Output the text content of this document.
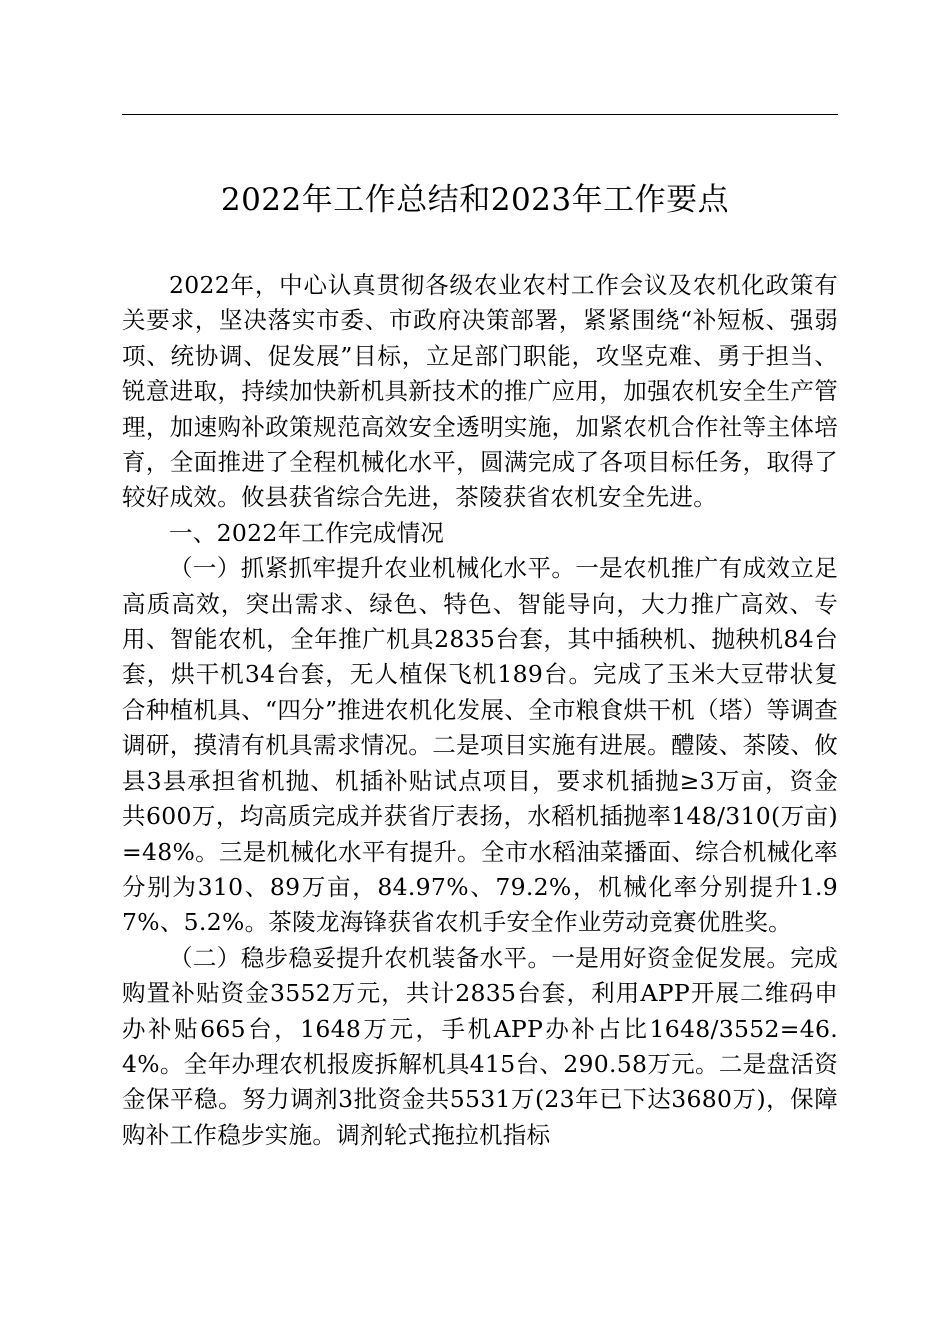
2022年工作总结和2023年工作要点

2022年，中心认真贯彻各级农业农村工作会议及农机化政策有关要求，坚决落实市委、市政府决策部署，紧紧围绕“补短板、强弱项、统协调、促发展”目标，立足部门职能，攻坚克难、勇于担当、锐意进取，持续加快新机具新技术的推广应用，加强农机安全生产管理，加速购补政策规范高效安全透明实施，加紧农机合作社等主体培育，全面推进了全程机械化水平，圆满完成了各项目标任务，取得了较好成效。攸县获省综合先进，茶陵获省农机安全先进。

一、2022年工作完成情况

（一）抓紧抓牢提升农业机械化水平。一是农机推广有成效立足高质高效，突出需求、绿色、特色、智能导向，大力推广高效、专用、智能农机，全年推广机具2835台套，其中插秧机、抛秧机84台套，烘干机34台套，无人植保飞机189台。完成了玉米大豆带状复合种植机具、“四分”推进农机化发展、全市粮食烘干机（塔）等调查调研，摸清有机具需求情况。二是项目实施有进展。醴陵、茶陵、攸县3县承担省机抛、机插补贴试点项目，要求机插抛≥3万亩，资金共600万，均高质完成并获省厅表扬，水稻机插抛率148/310(万亩)=48%。三是机械化水平有提升。全市水稻油菜播面、综合机械化率分别为310、89万亩，84.97%、79.2%，机械化率分别提升1.97%、5.2%。茶陵龙海锋获省农机手安全作业劳动竞赛优胜奖。

（二）稳步稳妥提升农机装备水平。一是用好资金促发展。完成购置补贴资金3552万元，共计2835台套，利用APP开展二维码申办补贴665台，1648万元，手机APP办补占比1648/3552=46.4%。全年办理农机报废拆解机具415台、290.58万元。二是盘活资金保平稳。努力调剂3批资金共5531万(23年已下达3680万)，保障购补工作稳步实施。调剂轮式拖拉机指标
